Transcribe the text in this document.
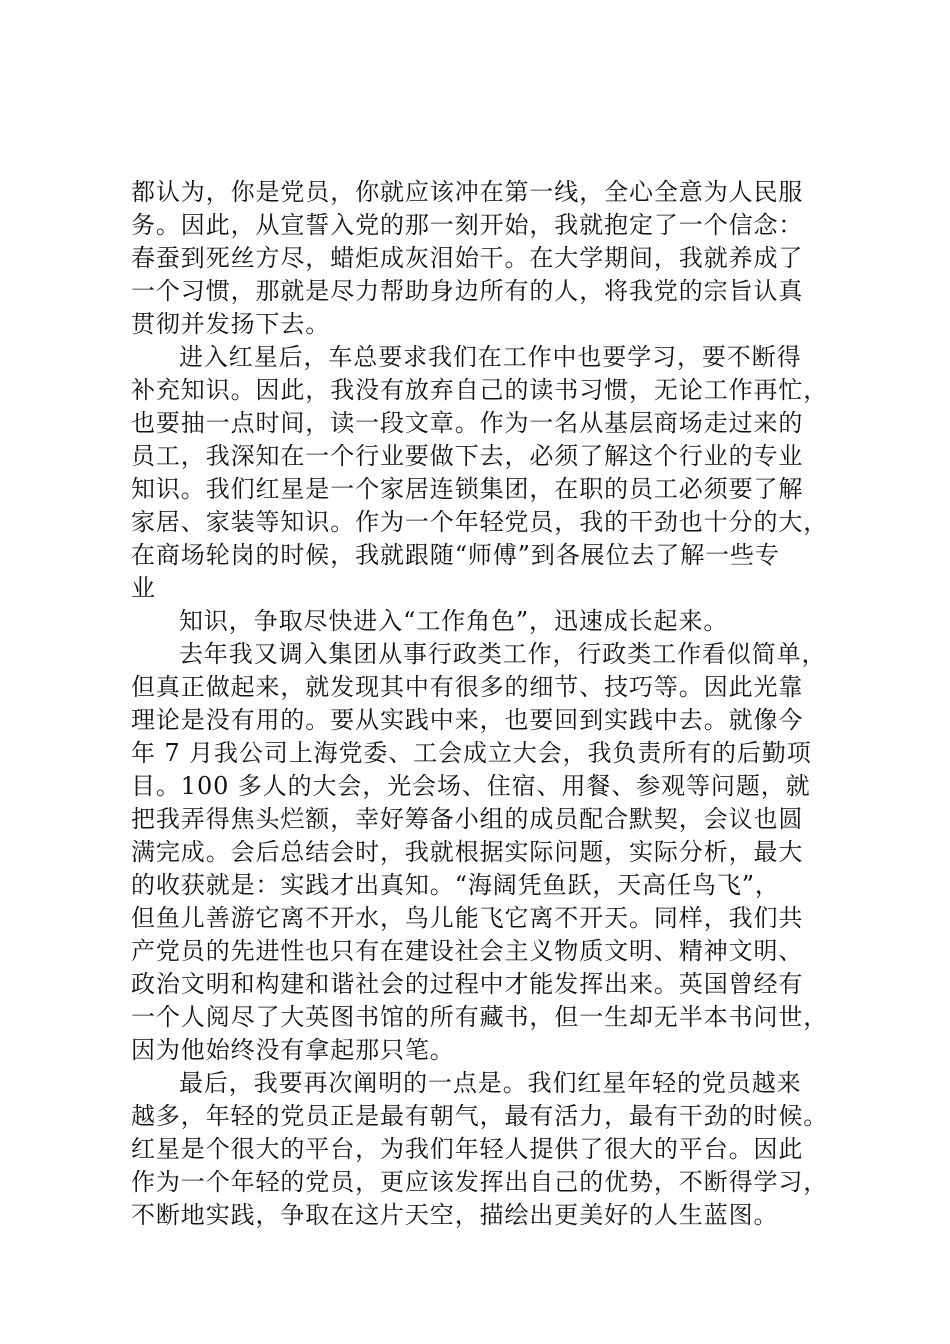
都认为，你是党员，你就应该冲在第一线，全心全意为人民服
务。因此，从宣誓入党的那一刻开始，我就抱定了一个信念：
春蚕到死丝方尽，蜡炬成灰泪始干。在大学期间，我就养成了
一个习惯，那就是尽力帮助身边所有的人，将我党的宗旨认真
贯彻并发扬下去。
进入红星后，车总要求我们在工作中也要学习，要不断得
补充知识。因此，我没有放弃自己的读书习惯，无论工作再忙，
也要抽一点时间，读一段文章。作为一名从基层商场走过来的
员工，我深知在一个行业要做下去，必须了解这个行业的专业
知识。我们红星是一个家居连锁集团，在职的员工必须要了解
家居、家装等知识。作为一个年轻党员，我的干劲也十分的大，
在商场轮岗的时候，我就跟随“师傅”到各展位去了解一些专
业
知识，争取尽快进入“工作角色”，迅速成长起来。
去年我又调入集团从事行政类工作，行政类工作看似简单，
但真正做起来，就发现其中有很多的细节、技巧等。因此光靠
理论是没有用的。要从实践中来，也要回到实践中去。就像今
年 7 月我公司上海党委、工会成立大会，我负责所有的后勤项
目。100 多人的大会，光会场、住宿、用餐、参观等问题，就
把我弄得焦头烂额，幸好筹备小组的成员配合默契，会议也圆
满完成。会后总结会时，我就根据实际问题，实际分析，最大
的收获就是：实践才出真知。“海阔凭鱼跃，天高任鸟飞”，
但鱼儿善游它离不开水，鸟儿能飞它离不开天。同样，我们共
产党员的先进性也只有在建设社会主义物质文明、精神文明、
政治文明和构建和谐社会的过程中才能发挥出来。英国曾经有
一个人阅尽了大英图书馆的所有藏书，但一生却无半本书问世，
因为他始终没有拿起那只笔。
最后，我要再次阐明的一点是。我们红星年轻的党员越来
越多，年轻的党员正是最有朝气，最有活力，最有干劲的时候。
红星是个很大的平台，为我们年轻人提供了很大的平台。因此
作为一个年轻的党员，更应该发挥出自己的优势，不断得学习，
不断地实践，争取在这片天空，描绘出更美好的人生蓝图。
